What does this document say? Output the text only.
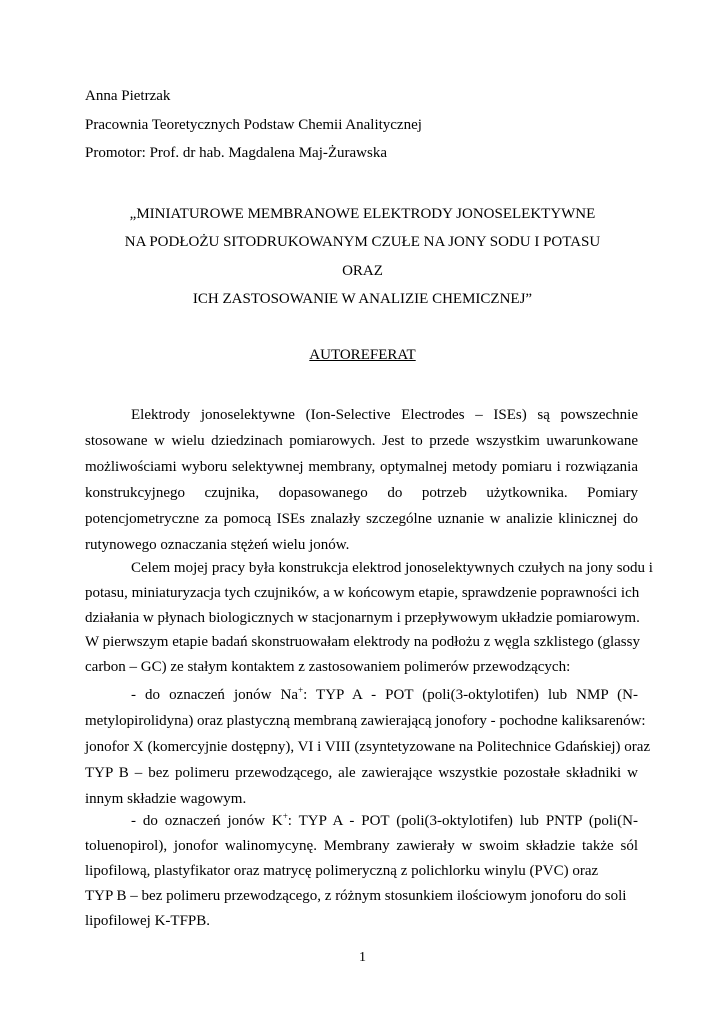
Anna Pietrzak
Pracownia Teoretycznych Podstaw Chemii Analitycznej
Promotor: Prof. dr hab. Magdalena Maj-Żurawska
„MINIATUROWE MEMBRANOWE ELEKTRODY JONOSELEKTYWNE
NA PODŁOŻU SITODRUKOWANYM CZUŁE NA JONY SODU I POTASU
ORAZ
ICH ZASTOSOWANIE W ANALIZIE CHEMICZNEJ”
AUTOREFERAT
Elektrody jonoselektywne (Ion-Selective Electrodes – ISEs) są powszechnie
stosowane w wielu dziedzinach pomiarowych. Jest to przede wszystkim uwarunkowane
możliwościami wyboru selektywnej membrany, optymalnej metody pomiaru i rozwiązania
konstrukcyjnego czujnika, dopasowanego do potrzeb użytkownika. Pomiary
potencjometryczne za pomocą ISEs znalazły szczególne uznanie w analizie klinicznej do
rutynowego oznaczania stężeń wielu jonów.
Celem mojej pracy była konstrukcja elektrod jonoselektywnych czułych na jony sodu i
potasu, miniaturyzacja tych czujników, a w końcowym etapie, sprawdzenie poprawności ich
działania w płynach biologicznych w stacjonarnym i przepływowym układzie pomiarowym.
W pierwszym etapie badań skonstruowałam elektrody na podłożu z węgla szklistego (glassy
carbon – GC) ze stałym kontaktem z zastosowaniem polimerów przewodzących:
- do oznaczeń jonów Na+: TYP A - POT (poli(3-oktylotifen) lub NMP (N-
metylopirolidyna) oraz plastyczną membraną zawierającą jonofory - pochodne kaliksarenów:
jonofor X (komercyjnie dostępny), VI i VIII (zsyntetyzowane na Politechnice Gdańskiej) oraz
TYP B – bez polimeru przewodzącego, ale zawierające wszystkie pozostałe składniki w
innym składzie wagowym.
- do oznaczeń jonów K+: TYP A - POT (poli(3-oktylotifen) lub PNTP (poli(N-
toluenopirol), jonofor walinomycynę. Membrany zawierały w swoim składzie także sól
lipofilową, plastyfikator oraz matrycę polimeryczną z polichlorku winylu (PVC) oraz
TYP B – bez polimeru przewodzącego, z różnym stosunkiem ilościowym jonoforu do soli
lipofilowej K-TFPB.
1
